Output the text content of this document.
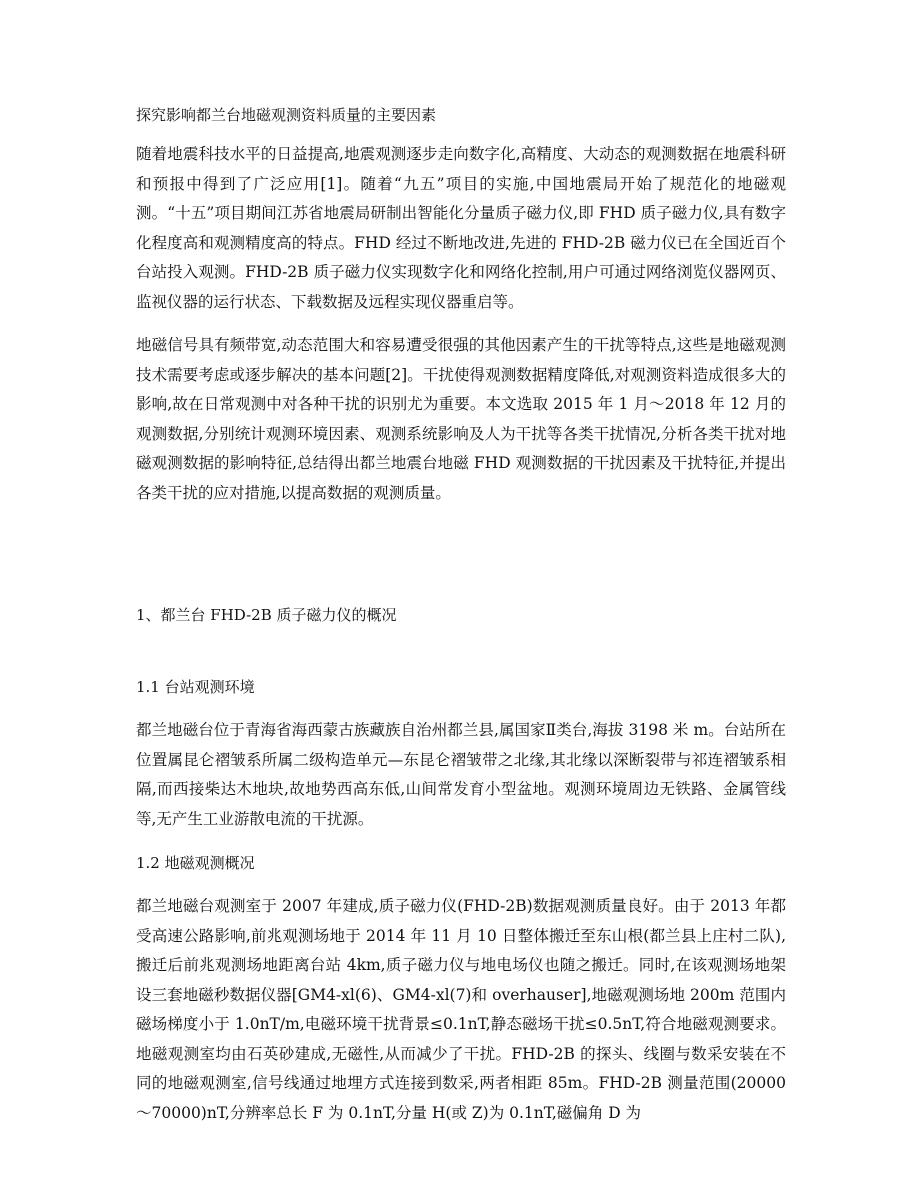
探究影响都兰台地磁观测资料质量的主要因素

随着地震科技水平的日益提高,地震观测逐步走向数字化,高精度、大动态的观测数据在地震科研和预报中得到了广泛应用[1]。随着“九五”项目的实施,中国地震局开始了规范化的地磁观测。“十五”项目期间江苏省地震局研制出智能化分量质子磁力仪,即 FHD 质子磁力仪,具有数字化程度高和观测精度高的特点。FHD 经过不断地改进,先进的 FHD-2B 磁力仪已在全国近百个台站投入观测。FHD-2B 质子磁力仪实现数字化和网络化控制,用户可通过网络浏览仪器网页、监视仪器的运行状态、下载数据及远程实现仪器重启等。

地磁信号具有频带宽,动态范围大和容易遭受很强的其他因素产生的干扰等特点,这些是地磁观测技术需要考虑或逐步解决的基本问题[2]。干扰使得观测数据精度降低,对观测资料造成很多大的影响,故在日常观测中对各种干扰的识别尤为重要。本文选取 2015 年 1 月～2018 年 12 月的观测数据,分别统计观测环境因素、观测系统影响及人为干扰等各类干扰情况,分析各类干扰对地磁观测数据的影响特征,总结得出都兰地震台地磁 FHD 观测数据的干扰因素及干扰特征,并提出各类干扰的应对措施,以提高数据的观测质量。

1、都兰台 FHD-2B 质子磁力仪的概况
1.1 台站观测环境

都兰地磁台位于青海省海西蒙古族藏族自治州都兰县,属国家Ⅱ类台,海拔 3198 米 m。台站所在位置属昆仑褶皱系所属二级构造单元—东昆仑褶皱带之北缘,其北缘以深断裂带与祁连褶皱系相隔,而西接柴达木地块,故地势西高东低,山间常发育小型盆地。观测环境周边无铁路、金属管线等,无产生工业游散电流的干扰源。

1.2 地磁观测概况

都兰地磁台观测室于 2007 年建成,质子磁力仪(FHD-2B)数据观测质量良好。由于 2013 年都受高速公路影响,前兆观测场地于 2014 年 11 月 10 日整体搬迁至东山根(都兰县上庄村二队),搬迁后前兆观测场地距离台站 4km,质子磁力仪与地电场仪也随之搬迁。同时,在该观测场地架设三套地磁秒数据仪器[GM4-xl(6)、GM4-xl(7)和 overhauser],地磁观测场地 200m 范围内磁场梯度小于 1.0nT/m,电磁环境干扰背景≤0.1nT,静态磁场干扰≤0.5nT,符合地磁观测要求。地磁观测室均由石英砂建成,无磁性,从而减少了干扰。FHD-2B 的探头、线圈与数采安装在不同的地磁观测室,信号线通过地埋方式连接到数采,两者相距 85m。FHD-2B 测量范围(20000～70000)nT,分辨率总长 F 为 0.1nT,分量 H(或 Z)为 0.1nT,磁偏角 D 为
